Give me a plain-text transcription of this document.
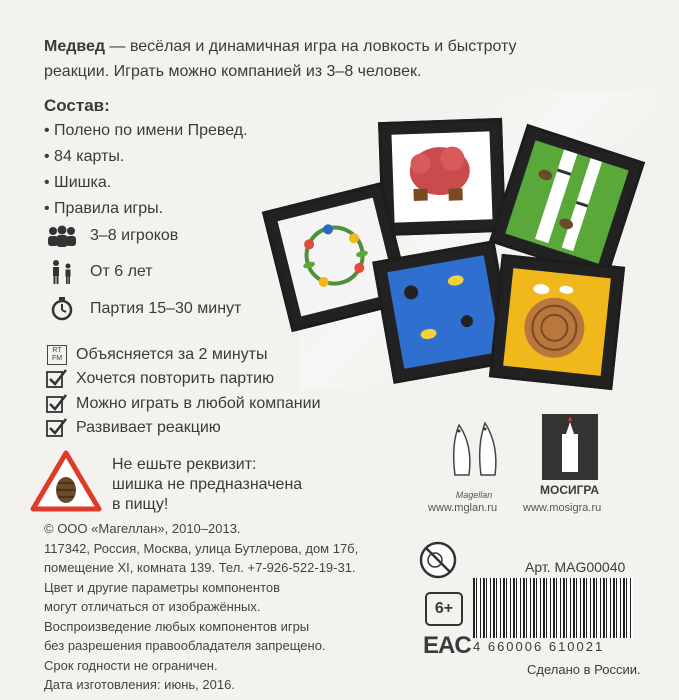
Медвед — весёлая и динамичная игра на ловкость и быстроту
реакции. Играть можно компанией из 3–8 человек.
Состав:
• Полено по имени Превед.
• 84 карты.
• Шишка.
• Правила игры.
3–8 игроков
От 6 лет
Партия 15–30 минут
RT FM Объясняется за 2 минуты
Хочется повторить партию
Можно играть в любой компании
Развивает реакцию
Не ешьте реквизит:
шишка не предназначена
в пищу!
© ООО «Магеллан», 2010–2013.
117342, Россия, Москва, улица Бутлерова, дом 17б,
помещение XI, комната 139. Тел. +7-926-522-19-31.
Цвет и другие параметры компонентов
могут отличаться от изображённых.
Воспроизведение любых компонентов игры
без разрешения правообладателя запрещено.
Срок годности не ограничен.
Дата изготовления: июнь, 2016.
Magellan
www.mglan.ru
МОСИГРА
www.mosigra.ru
Арт. MAG00040
6+
EAC 4 660006 610021
Сделано в России.
